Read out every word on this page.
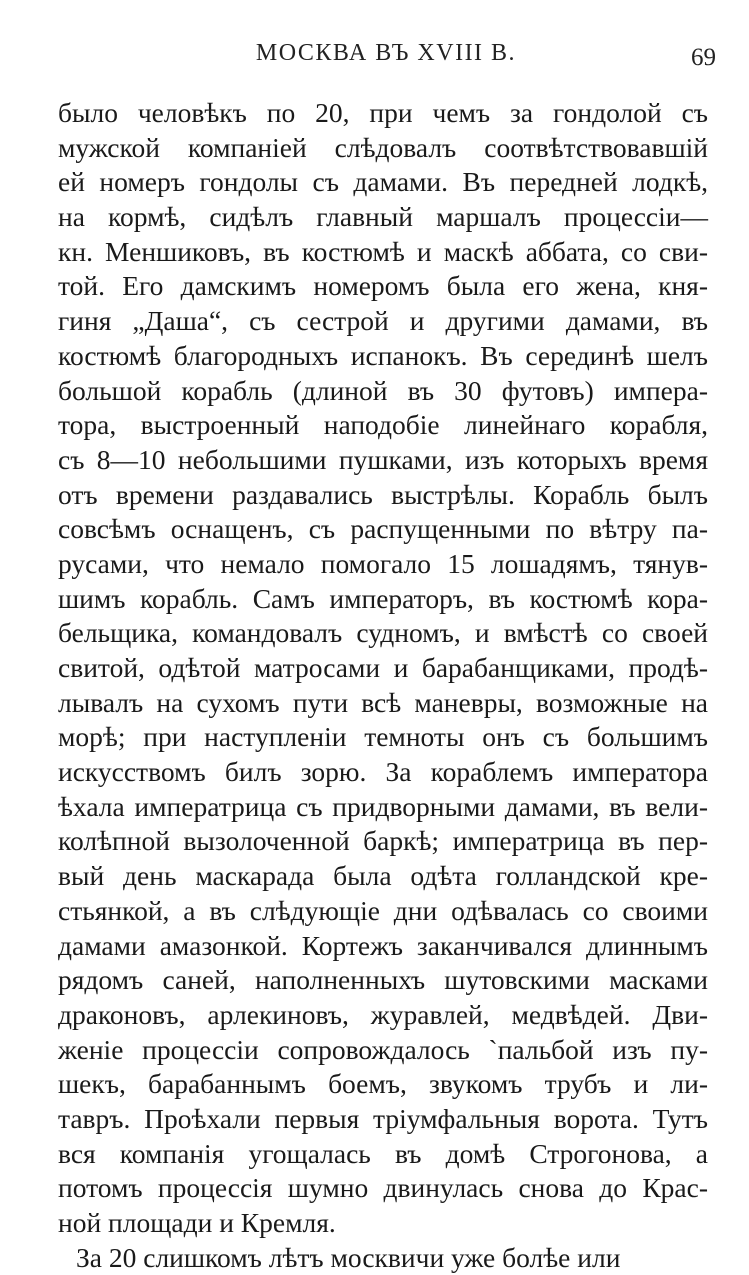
МОСКВА ВЪ XVIII В.	69
было человѣкъ по 20, при чемъ за гондолой съ
мужской компаніей слѣдовалъ соотвѣтствовавшій
ей номеръ гондолы съ дамами. Въ передней лодкѣ,
на кормѣ, сидѣлъ главный маршалъ процессіи—
кн. Меншиковъ, въ костюмѣ и маскѣ аббата, со сви-
той. Его дамскимъ номеромъ была его жена, кня-
гиня „Даша“, съ сестрой и другими дамами, въ
костюмѣ благородныхъ испанокъ. Въ серединѣ шелъ
большой корабль (длиной въ 30 футовъ) импера-
тора, выстроенный наподобіе линейнаго корабля,
съ 8—10 небольшими пушками, изъ которыхъ время
отъ времени раздавались выстрѣлы. Корабль былъ
совсѣмъ оснащенъ, съ распущенными по вѣтру па-
русами, что немало помогало 15 лошадямъ, тянув-
шимъ корабль. Самъ императоръ, въ костюмѣ кора-
бельщика, командовалъ судномъ, и вмѣстѣ со своей
свитой, одѣтой матросами и барабанщиками, продѣ-
лывалъ на сухомъ пути всѣ маневры, возможные на
морѣ; при наступленіи темноты онъ съ большимъ
искусствомъ билъ зорю. За кораблемъ императора
ѣхала императрица съ придворными дамами, въ вели-
колѣпной вызолоченной баркѣ; императрица въ пер-
вый день маскарада была одѣта голландской кре-
стьянкой, а въ слѣдующіе дни одѣвалась со своими
дамами амазонкой. Кортежъ заканчивался длиннымъ
рядомъ саней, наполненныхъ шутовскими масками
драконовъ, арлекиновъ, журавлей, медвѣдей. Дви-
женіе процессіи сопровождалось `пальбой изъ пу-
шекъ, барабаннымъ боемъ, звукомъ трубъ и ли-
тавръ. Проѣхали первыя тріумфальныя ворота. Тутъ
вся компанія угощалась въ домѣ Строгонова, а
потомъ процессія шумно двинулась снова до Крас-
ной площади и Кремля.
За 20 слишкомъ лѣтъ москвичи уже болѣе или
